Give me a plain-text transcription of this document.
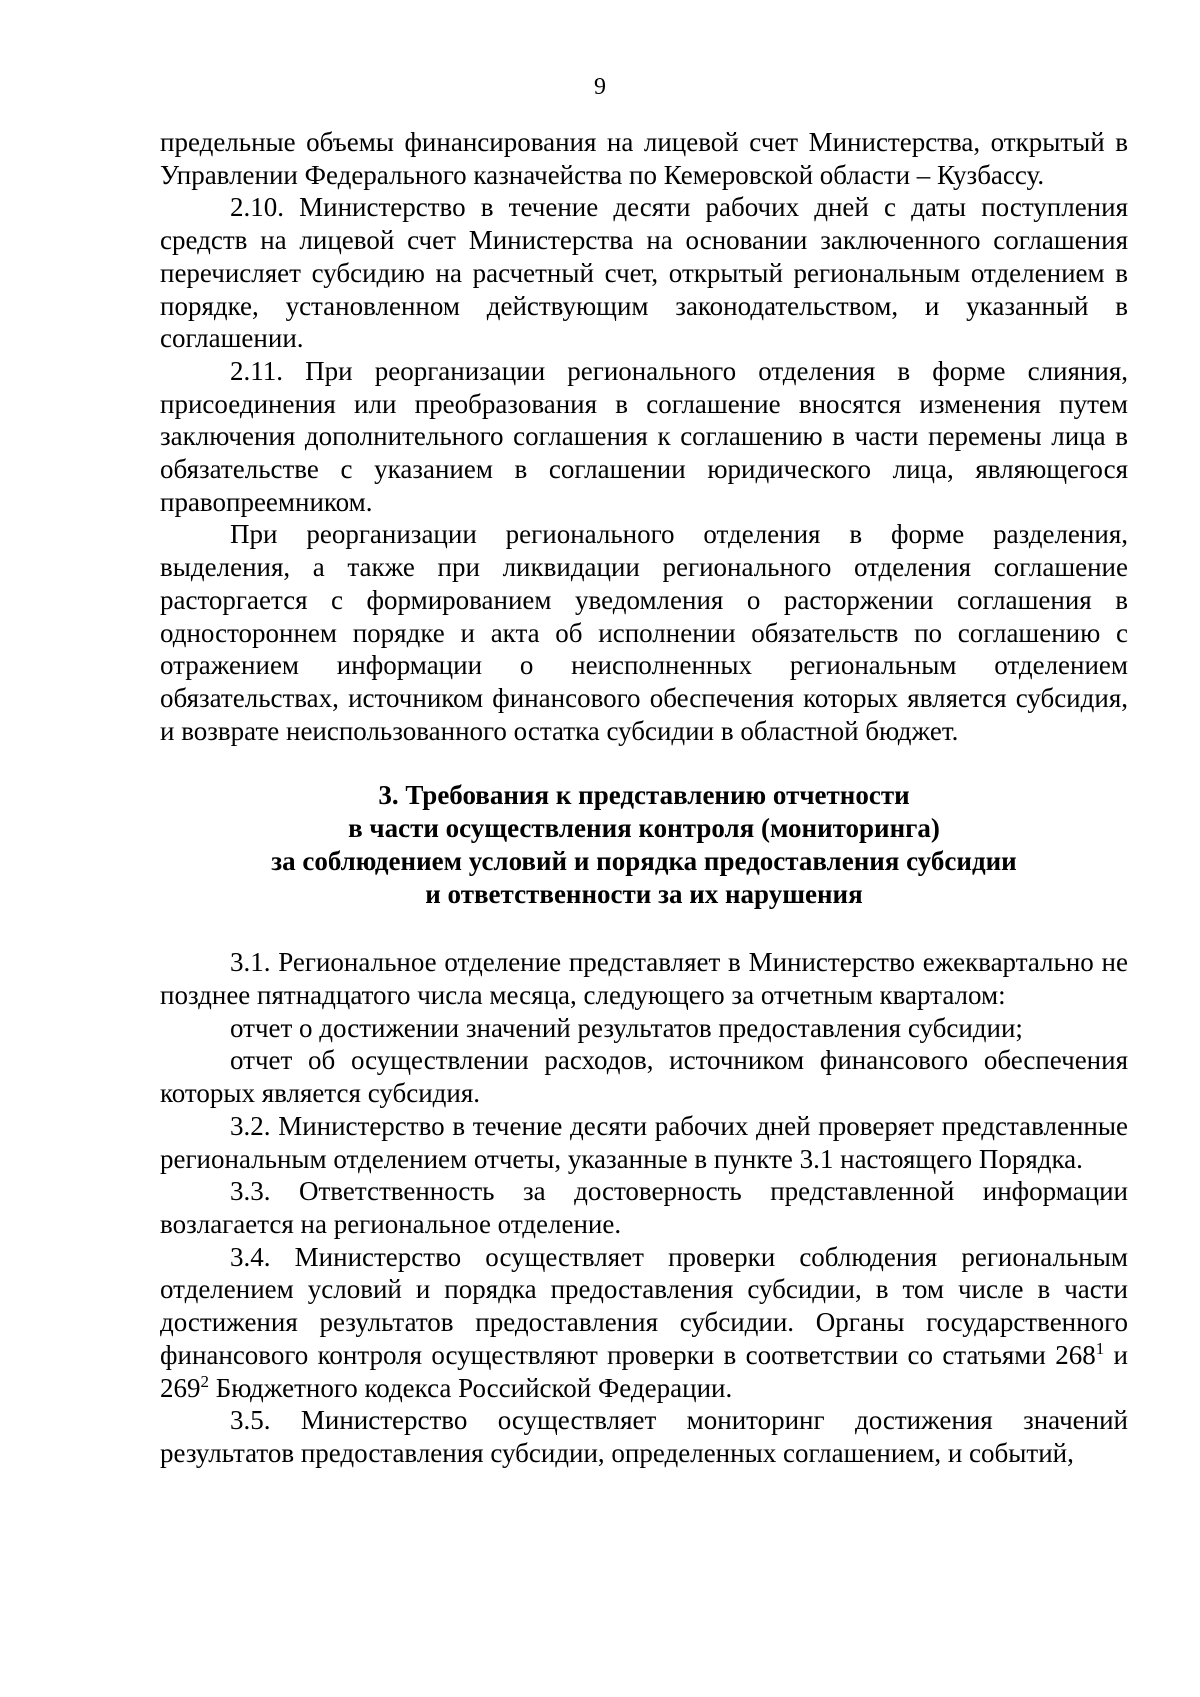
9

предельные объемы финансирования на лицевой счет Министерства, открытый в Управлении Федерального казначейства по Кемеровской области – Кузбассу.

2.10. Министерство в течение десяти рабочих дней с даты поступления средств на лицевой счет Министерства на основании заключенного соглашения перечисляет субсидию на расчетный счет, открытый региональным отделением в порядке, установленном действующим законодательством, и указанный в соглашении.

2.11. При реорганизации регионального отделения в форме слияния, присоединения или преобразования в соглашение вносятся изменения путем заключения дополнительного соглашения к соглашению в части перемены лица в обязательстве с указанием в соглашении юридического лица, являющегося правопреемником.

При реорганизации регионального отделения в форме разделения, выделения, а также при ликвидации регионального отделения соглашение расторгается с формированием уведомления о расторжении соглашения в одностороннем порядке и акта об исполнении обязательств по соглашению с отражением информации о неисполненных региональным отделением обязательствах, источником финансового обеспечения которых является субсидия, и возврате неиспользованного остатка субсидии в областной бюджет.

3. Требования к представлению отчетности
в части осуществления контроля (мониторинга)
за соблюдением условий и порядка предоставления субсидии
и ответственности за их нарушения

3.1. Региональное отделение представляет в Министерство ежеквартально не позднее пятнадцатого числа месяца, следующего за отчетным кварталом:

отчет о достижении значений результатов предоставления субсидии;

отчет об осуществлении расходов, источником финансового обеспечения которых является субсидия.

3.2. Министерство в течение десяти рабочих дней проверяет представленные региональным отделением отчеты, указанные в пункте 3.1 настоящего Порядка.

3.3. Ответственность за достоверность представленной информации возлагается на региональное отделение.

3.4. Министерство осуществляет проверки соблюдения региональным отделением условий и порядка предоставления субсидии, в том числе в части достижения результатов предоставления субсидии. Органы государственного финансового контроля осуществляют проверки в соответствии со статьями $268^1$ и $269^2$ Бюджетного кодекса Российской Федерации.

3.5. Министерство осуществляет мониторинг достижения значений результатов предоставления субсидии, определенных соглашением, и событий,
